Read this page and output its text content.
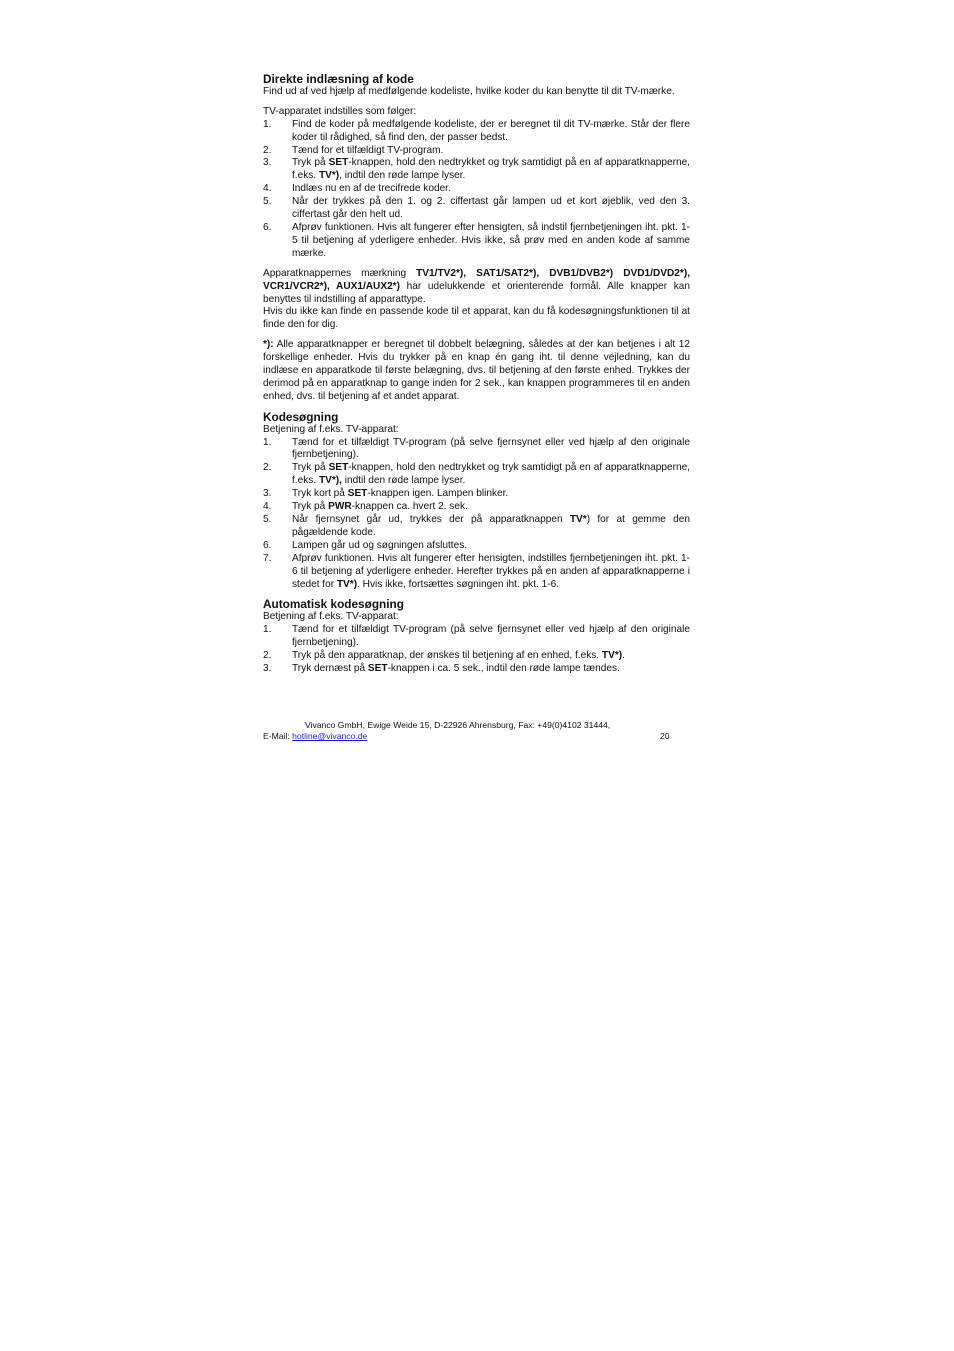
Direkte indlæsning af kode

Find ud af ved hjælp af medfølgende kodeliste, hvilke koder du kan benytte til dit TV-mærke.

TV-apparatet indstilles som følger:

1.	Find de koder på medfølgende kodeliste, der er beregnet til dit TV-mærke. Står der flere koder til rådighed, så find den, der passer bedst.
2.	Tænd for et tilfældigt TV-program.
3.	Tryk på SET-knappen, hold den nedtrykket og tryk samtidigt på en af apparatknapperne, f.eks. TV*), indtil den røde lampe lyser.
4.	Indlæs nu en af de trecifrede koder.
5.	Når der trykkes på den 1. og 2. ciffertast går lampen ud et kort øjeblik, ved den 3. ciffertast går den helt ud.
6.	Afprøv funktionen. Hvis alt fungerer efter hensigten, så indstil fjernbetjeningen iht. pkt. 1-5 til betjening af yderligere enheder. Hvis ikke, så prøv med en anden kode af samme mærke.

Apparatknappernes mærkning TV1/TV2*), SAT1/SAT2*), DVB1/DVB2*) DVD1/DVD2*), VCR1/VCR2*), AUX1/AUX2*) har udelukkende et orienterende formål. Alle knapper kan benyttes til indstilling af apparattype.

Hvis du ikke kan finde en passende kode til et apparat, kan du få kodesøgningsfunktionen til at finde den for dig.

*): Alle apparatknapper er beregnet til dobbelt belægning, således at der kan betjenes i alt 12 forskellige enheder. Hvis du trykker på en knap én gang iht. til denne vejledning, kan du indlæse en apparatkode til første belægning, dvs. til betjening af den første enhed. Trykkes der derimod på en apparatknap to gange inden for 2 sek., kan knappen programmeres til en anden enhed, dvs. til betjening af et andet apparat.

Kodesøgning

Betjening af f.eks. TV-apparat:

1.	Tænd for et tilfældigt TV-program (på selve fjernsynet eller ved hjælp af den originale fjernbetjening).
2.	Tryk på SET-knappen, hold den nedtrykket og tryk samtidigt på en af apparatknapperne, f.eks. TV*), indtil den røde lampe lyser.
3.	Tryk kort på SET-knappen igen. Lampen blinker.
4.	Tryk på PWR-knappen ca. hvert 2. sek.
5.	Når fjernsynet går ud, trykkes der på apparatknappen TV*) for at gemme den pågældende kode.
6.	Lampen går ud og søgningen afsluttes.
7.	Afprøv funktionen. Hvis alt fungerer efter hensigten, indstilles fjernbetjeningen iht. pkt. 1-6 til betjening af yderligere enheder. Herefter trykkes på en anden af apparatknapperne i stedet for TV*). Hvis ikke, fortsættes søgningen iht. pkt. 1-6.
Automatisk kodesøgning

Betjening af f.eks. TV-apparat:

1.	Tænd for et tilfældigt TV-program (på selve fjernsynet eller ved hjælp af den originale fjernbetjening).
2.	Tryk på den apparatknap, der ønskes til betjening af en enhed, f.eks. TV*).
3.	Tryk dernæst på SET-knappen i ca. 5 sek., indtil den røde lampe tændes.
Vivanco GmbH, Ewige Weide 15, D-22926 Ahrensburg, Fax: +49(0)4102 31444,
E-Mail: hotline@vivanco.de	20
